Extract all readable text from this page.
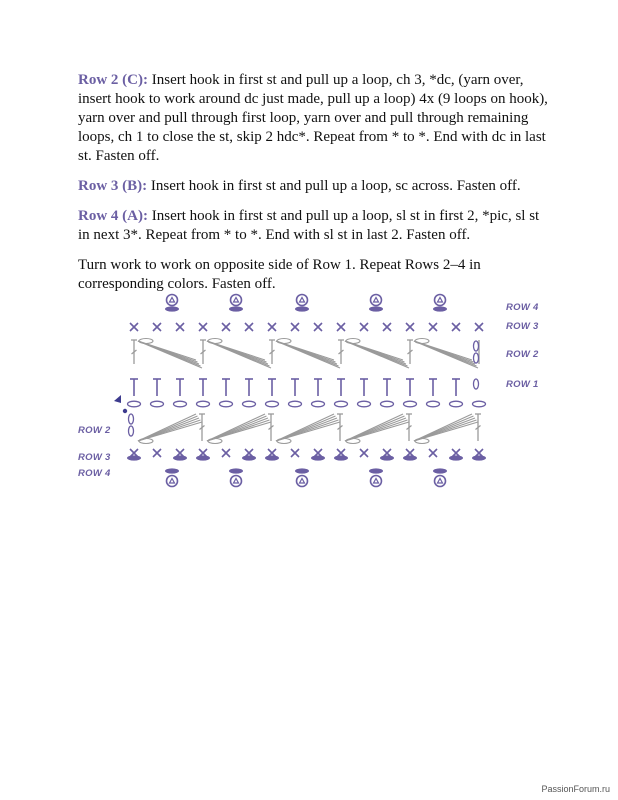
Row 2 (C): Insert hook in first st and pull up a loop, ch 3, *dc, (yarn over, insert hook to work around dc just made, pull up a loop) 4x (9 loops on hook), yarn over and pull through first loop, yarn over and pull through remaining loops, ch 1 to close the st, skip 2 hdc*. Repeat from * to *. End with dc in last st. Fasten off.

Row 3 (B): Insert hook in first st and pull up a loop, sc across. Fasten off.

Row 4 (A): Insert hook in first st and pull up a loop, sl st in first 2, *pic, sl st in next 3*. Repeat from * to *. End with sl st in last 2. Fasten off.

Turn work to work on opposite side of Row 1. Repeat Rows 2–4 in corresponding colors. Fasten off.

ROW 4
ROW 3
ROW 2
ROW 1
ROW 2
ROW 3
ROW 4
PassionForum.ru
